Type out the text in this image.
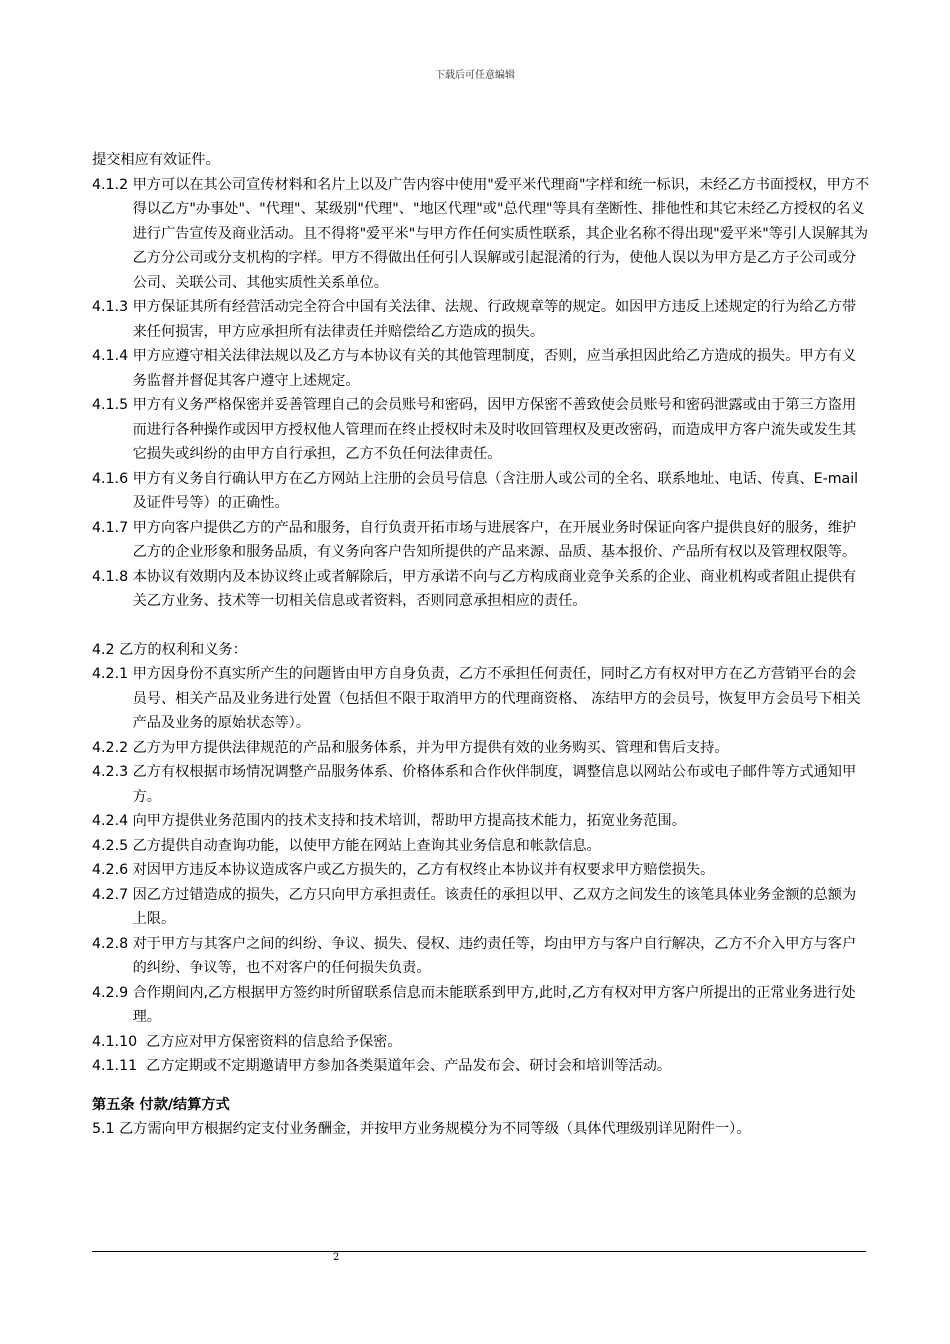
下载后可任意编辑

提交相应有效证件。

4.1.2 甲方可以在其公司宣传材料和名片上以及广告内容中使用"爱平米代理商"字样和统一标识，未经乙方书面授权，甲方不得以乙方"办事处"、"代理"、某级别"代理"、"地区代理"或"总代理"等具有垄断性、排他性和其它未经乙方授权的名义进行广告宣传及商业活动。且不得将"爱平米"与甲方作任何实质性联系，其企业名称不得出现"爱平米"等引人误解其为乙方分公司或分支机构的字样。甲方不得做出任何引人误解或引起混淆的行为，使他人误以为甲方是乙方子公司或分公司、关联公司、其他实质性关系单位。
4.1.3 甲方保证其所有经营活动完全符合中国有关法律、法规、行政规章等的规定。如因甲方违反上述规定的行为给乙方带来任何损害，甲方应承担所有法律责任并赔偿给乙方造成的损失。
4.1.4 甲方应遵守相关法律法规以及乙方与本协议有关的其他管理制度，否则，应当承担因此给乙方造成的损失。甲方有义务监督并督促其客户遵守上述规定。
4.1.5 甲方有义务严格保密并妥善管理自己的会员账号和密码，因甲方保密不善致使会员账号和密码泄露或由于第三方盗用而进行各种操作或因甲方授权他人管理而在终止授权时未及时收回管理权及更改密码，而造成甲方客户流失或发生其它损失或纠纷的由甲方自行承担，乙方不负任何法律责任。
4.1.6 甲方有义务自行确认甲方在乙方网站上注册的会员号信息（含注册人或公司的全名、联系地址、电话、传真、E-mail 及证件号等）的正确性。
4.1.7 甲方向客户提供乙方的产品和服务，自行负责开拓市场与进展客户，在开展业务时保证向客户提供良好的服务，维护乙方的企业形象和服务品质，有义务向客户告知所提供的产品来源、品质、基本报价、产品所有权以及管理权限等。
4.1.8 本协议有效期内及本协议终止或者解除后，甲方承诺不向与乙方构成商业竞争关系的企业、商业机构或者阻止提供有关乙方业务、技术等一切相关信息或者资料，否则同意承担相应的责任。

4.2 乙方的权利和义务：

4.2.1 甲方因身份不真实所产生的问题皆由甲方自身负责，乙方不承担任何责任，同时乙方有权对甲方在乙方营销平台的会员号、相关产品及业务进行处置（包括但不限于取消甲方的代理商资格、 冻结甲方的会员号，恢复甲方会员号下相关产品及业务的原始状态等）。
4.2.2 乙方为甲方提供法律规范的产品和服务体系，并为甲方提供有效的业务购买、管理和售后支持。
4.2.3 乙方有权根据市场情况调整产品服务体系、价格体系和合作伙伴制度，调整信息以网站公布或电子邮件等方式通知甲方。
4.2.4 向甲方提供业务范围内的技术支持和技术培训，帮助甲方提高技术能力，拓宽业务范围。
4.2.5 乙方提供自动查询功能，以使甲方能在网站上查询其业务信息和帐款信息。
4.2.6 对因甲方违反本协议造成客户或乙方损失的，乙方有权终止本协议并有权要求甲方赔偿损失。
4.2.7 因乙方过错造成的损失，乙方只向甲方承担责任。该责任的承担以甲、乙双方之间发生的该笔具体业务金额的总额为上限。
4.2.8 对于甲方与其客户之间的纠纷、争议、损失、侵权、违约责任等，均由甲方与客户自行解决，乙方不介入甲方与客户的纠纷、争议等，也不对客户的任何损失负责。
4.2.9 合作期间内,乙方根据甲方签约时所留联系信息而未能联系到甲方,此时,乙方有权对甲方客户所提出的正常业务进行处理。
4.1.10 乙方应对甲方保密资料的信息给予保密。
4.1.11 乙方定期或不定期邀请甲方参加各类渠道年会、产品发布会、研讨会和培训等活动。

第五条 付款/结算方式

5.1 乙方需向甲方根据约定支付业务酬金，并按甲方业务规模分为不同等级（具体代理级别详见附件一）。

2
